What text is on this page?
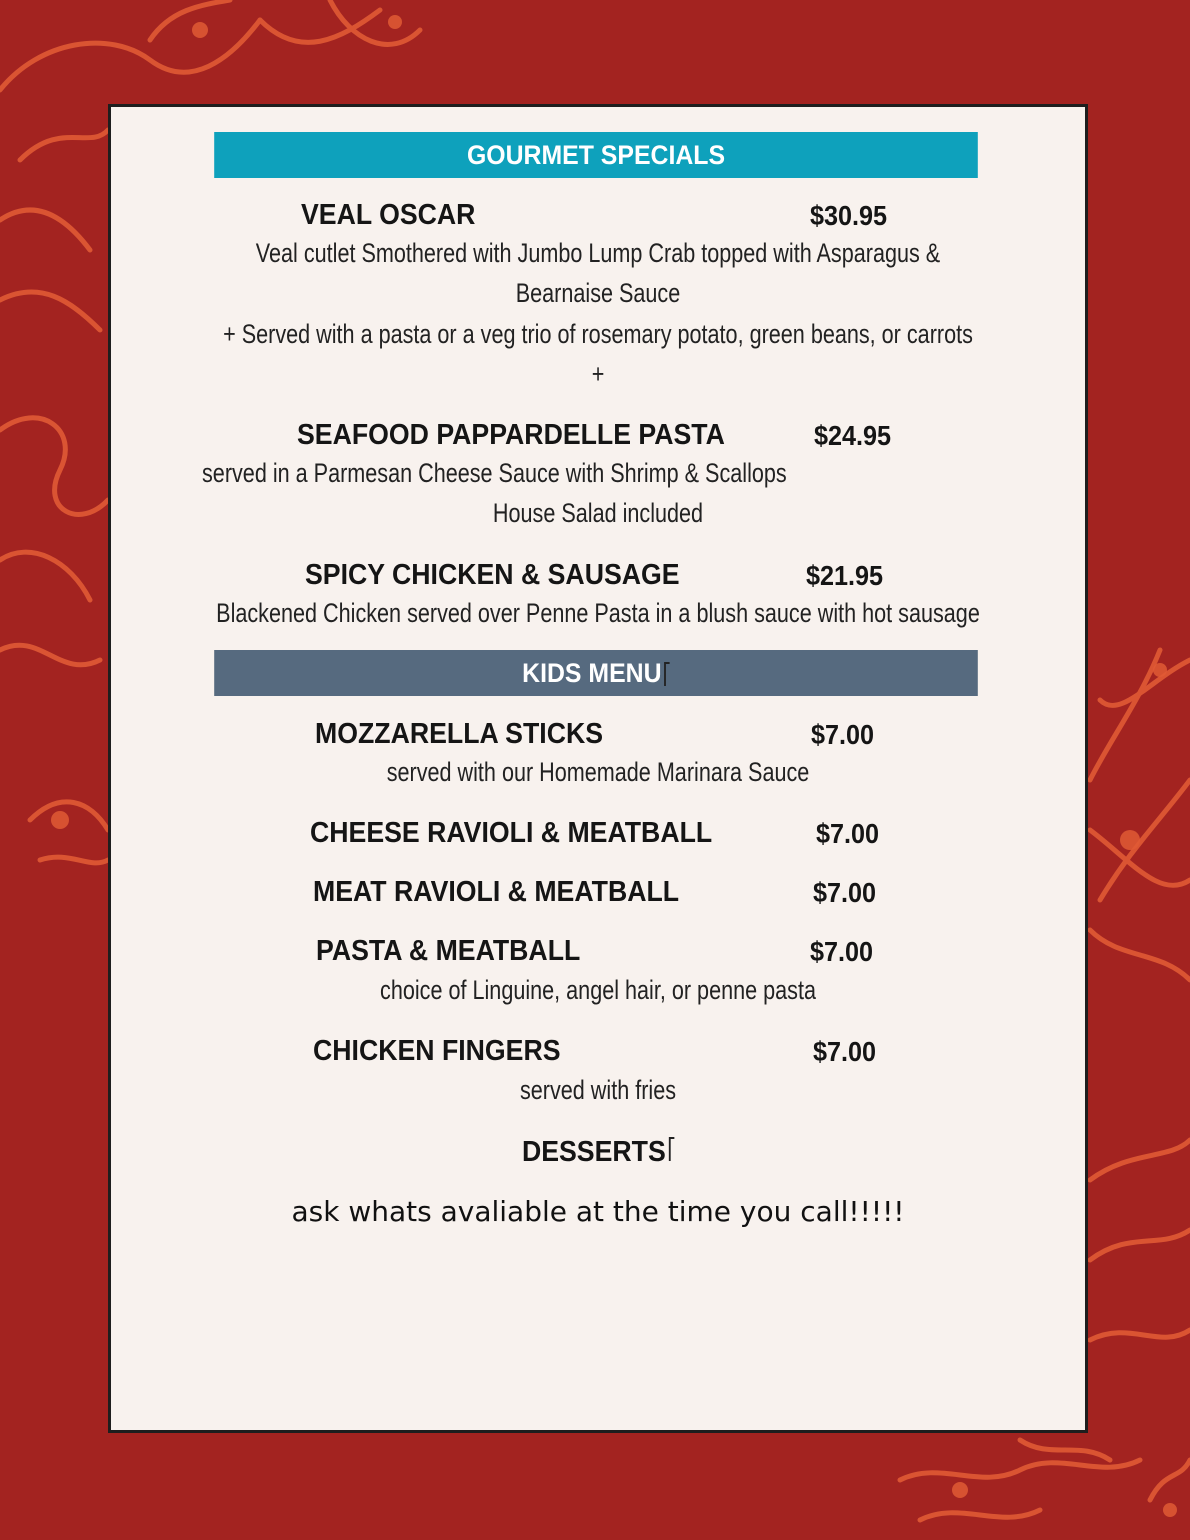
GOURMET SPECIALS
VEAL OSCAR	$30.95
Veal cutlet Smothered with Jumbo Lump Crab topped with Asparagus &
Bearnaise Sauce
+ Served with a pasta or a veg trio of rosemary potato, green beans, or carrots
+
SEAFOOD PAPPARDELLE PASTA	$24.95
served in a Parmesan Cheese Sauce with Shrimp & Scallops
House Salad included
SPICY CHICKEN & SAUSAGE	$21.95
Blackened Chicken served over Penne Pasta in a blush sauce with hot sausage
KIDS MENU
MOZZARELLA STICKS	$7.00
served with our Homemade Marinara Sauce
CHEESE RAVIOLI & MEATBALL	$7.00
MEAT RAVIOLI & MEATBALL	$7.00
PASTA & MEATBALL	$7.00
choice of Linguine, angel hair, or penne pasta
CHICKEN FINGERS	$7.00
served with fries
DESSERTS
ask whats avaliable at the time you call!!!!!
